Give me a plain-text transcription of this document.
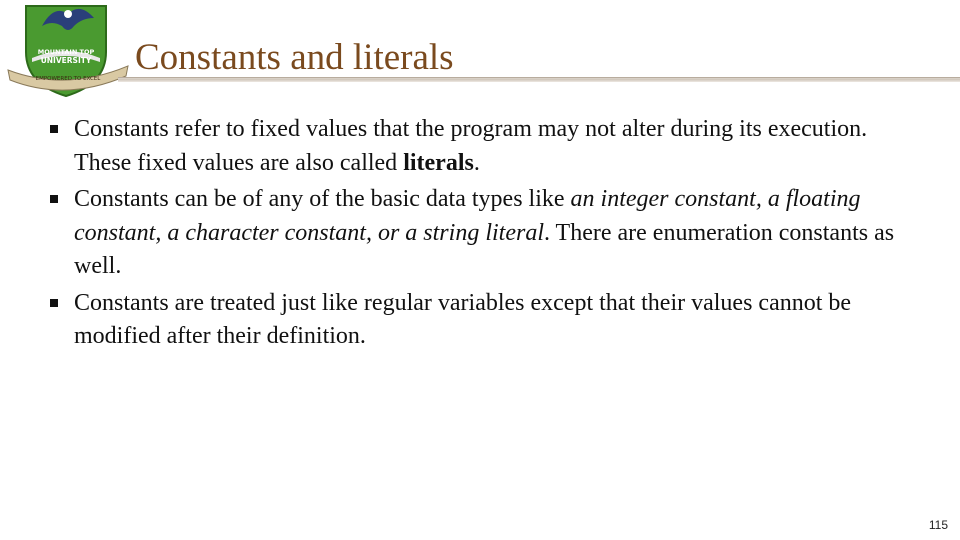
MOUNTAIN TOP
UNIVERSITY
EMPOWERED TO EXCEL
Constants and literals
Constants refer to fixed values that the program may not alter during its execution. These fixed values are also called literals.
Constants can be of any of the basic data types like an integer constant, a floating constant, a character constant, or a string literal. There are enumeration constants as well.
Constants are treated just like regular variables except that their values cannot be modified after their definition.
115
